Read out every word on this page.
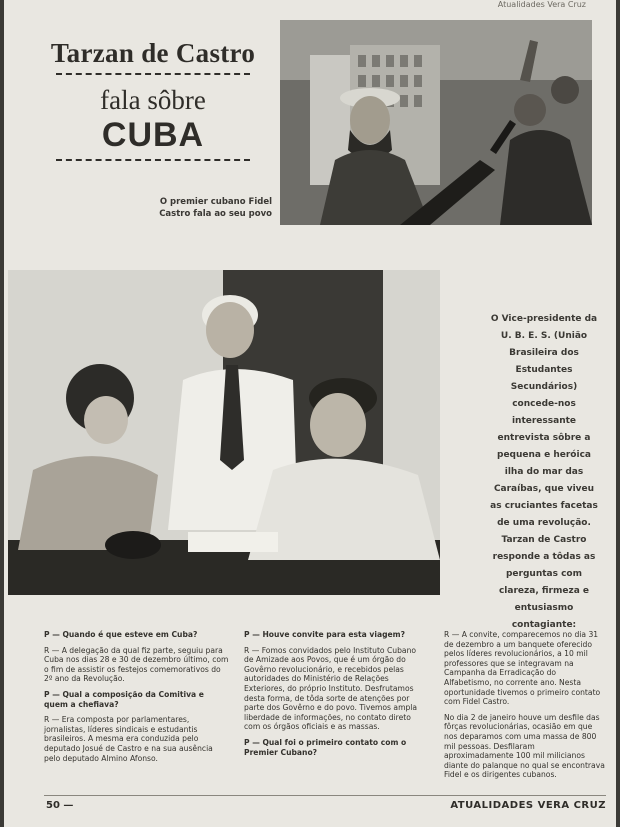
Atualidades Vera Cruz
Tarzan de Castro
fala sôbre CUBA
O premier cubano Fidel Castro fala ao seu povo
O Vice-presidente da U. B. E. S. (União Brasileira dos Estudantes Secundários) concede-nos interessante entrevista sôbre a pequena e heróica ilha do mar das Caraíbas, que viveu as cruciantes facetas de uma revolução. Tarzan de Castro responde a tôdas as perguntas com clareza, firmeza e entusiasmo contagiante:

P — Quando é que esteve em Cuba?

R — A delegação da qual fiz parte, seguiu para Cuba nos dias 28 e 30 de dezembro último, com o fim de assistir os festejos comemorativos do 2º ano da Revolução.

P — Qual a composição da Comitiva e quem a chefiava?

R — Era composta por parlamentares, jornalistas, líderes sindicais e estudantis brasileiros. A mesma era conduzida pelo deputado Josué de Castro e na sua ausência pelo deputado Almino Afonso.

P — Houve convite para esta viagem?

R — Fomos convidados pelo Instituto Cubano de Amizade aos Povos, que é um órgão do Govêrno revolucionário, e recebidos pelas autoridades do Ministério de Relações Exteriores, do próprio Instituto. Desfrutamos desta forma, de tôda sorte de atenções por parte dos Govêrno e do povo. Tivemos ampla liberdade de informações, no contato direto com os órgãos oficiais e as massas.

P — Qual foi o primeiro contato com o Premier Cubano?

R — A convite, comparecemos no dia 31 de dezembro a um banquete oferecido pelos líderes revolucionários, a 10 mil professores que se integravam na Campanha da Erradicação do Alfabetismo, no corrente ano. Nesta oportunidade tivemos o primeiro contato com Fidel Castro.

No dia 2 de janeiro houve um desfile das fôrças revolucionárias, ocasião em que nos deparamos com uma massa de 800 mil pessoas. Desfilaram aproximadamente 100 mil milicianos diante do palanque no qual se encontrava Fidel e os dirigentes cubanos.

50 —	ATUALIDADES VERA CRUZ
